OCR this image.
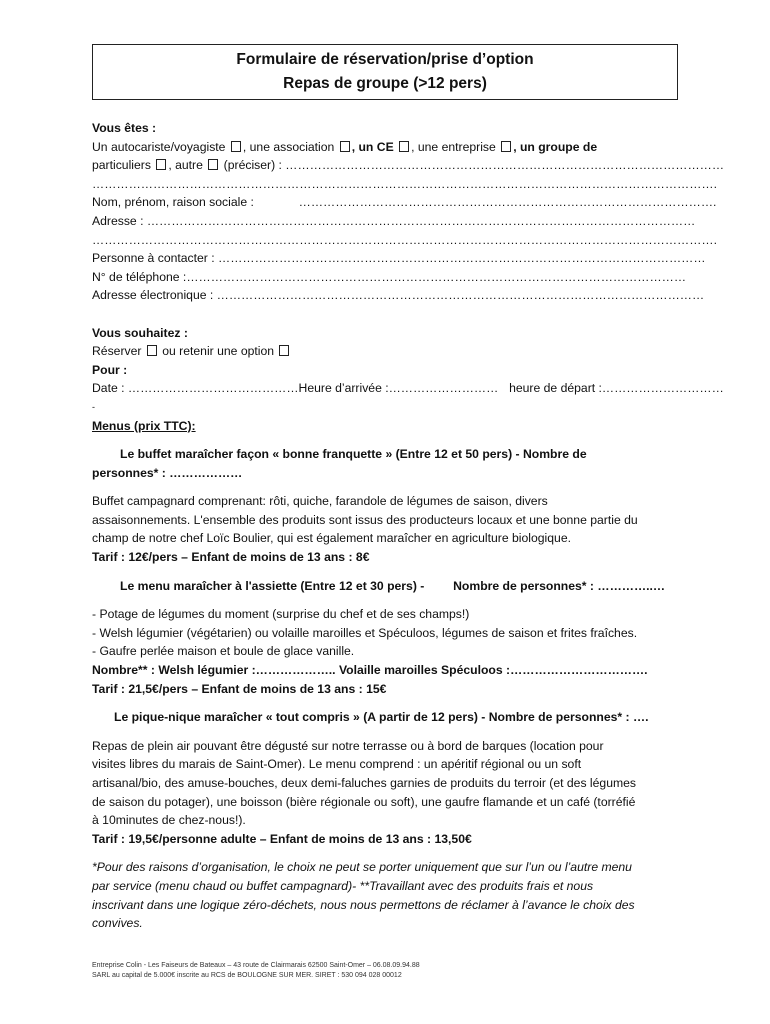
Formulaire de réservation/prise d’option
Repas de groupe (>12 pers)
Vous êtes :
Un autocariste/voyagiste , une association , un CE , une entreprise , un groupe de
particuliers , autre (préciser) : ………………………………………………………………………………………………
……………………………………………………………………………………………………………………………………….
Nom, prénom, raison sociale :	………………………………………………………………………………………….
Adresse : ………………………………………………………………………………………………………………………
……………………………………………………………………………………………………………………………………….
Personne à contacter : …………………………………………………………………………………………………………
N° de téléphone :……………………………………………………………………………………………………………
Adresse électronique : …………………………………………………………………………………………………………
Vous souhaitez :
Réserver ou retenir une option
Pour :
Date : ……………………………………Heure d’arrivée :……………………… heure de départ :…………………………
-
Menus (prix TTC):
Le buffet maraîcher façon « bonne franquette » (Entre 12 et 50 pers) - Nombre de
personnes* : ………………
Buffet campagnard comprenant: rôti, quiche, farandole de légumes de saison, divers
assaisonnements. L'ensemble des produits sont issus des producteurs locaux et une bonne partie du
champ de notre chef Loïc Boulier, qui est également maraîcher en agriculture biologique.
Tarif : 12€/pers – Enfant de moins de 13 ans : 8€
Le menu maraîcher à l'assiette (Entre 12 et 30 pers) - Nombre de personnes* : …………..…
- Potage de légumes du moment (surprise du chef et de ses champs!)
- Welsh légumier (végétarien) ou volaille maroilles et Spéculoos, légumes de saison et frites fraîches.
- Gaufre perlée maison et boule de glace vanille.
Nombre** : Welsh légumier :……………….. Volaille maroilles Spéculoos :…………………………….
Tarif : 21,5€/pers – Enfant de moins de 13 ans : 15€
Le pique-nique maraîcher « tout compris » (A partir de 12 pers) - Nombre de personnes* : ….
Repas de plein air pouvant être dégusté sur notre terrasse ou à bord de barques (location pour
visites libres du marais de Saint-Omer). Le menu comprend : un apéritif régional ou un soft
artisanal/bio, des amuse-bouches, deux demi-faluches garnies de produits du terroir (et des légumes
de saison du potager), une boisson (bière régionale ou soft), une gaufre flamande et un café (torréfié
à 10minutes de chez-nous!).
Tarif : 19,5€/personne adulte – Enfant de moins de 13 ans : 13,50€
*Pour des raisons d’organisation, le choix ne peut se porter uniquement que sur l’un ou l’autre menu
par service (menu chaud ou buffet campagnard)- **Travaillant avec des produits frais et nous
inscrivant dans une logique zéro-déchets, nous nous permettons de réclamer à l’avance le choix des
convives.
Entreprise Colin - Les Faiseurs de Bateaux – 43 route de Clairmarais 62500 Saint-Omer – 06.08.09.94.88
SARL au capital de 5.000€ inscrite au RCS de BOULOGNE SUR MER. SIRET : 530 094 028 00012
